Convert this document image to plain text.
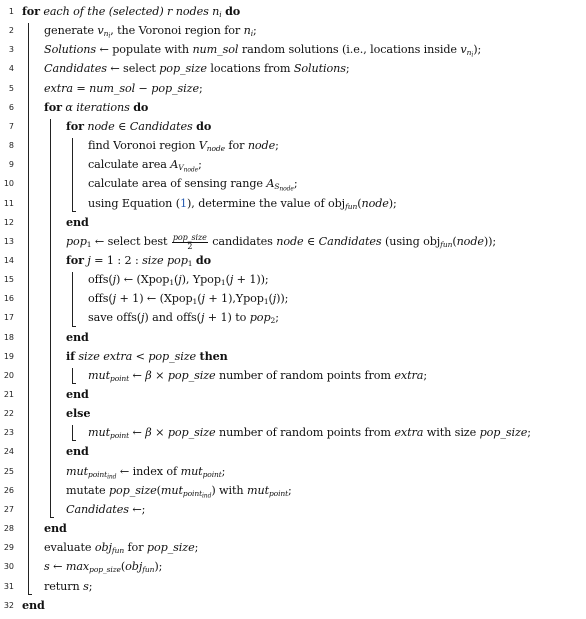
1 for each of the (selected) r nodes $n_i$ do
2	generate $v_{n_i}$, the Voronoi region for $n_i$;
3	Solutions ← populate with num_sol random solutions (i.e., locations inside $v_{n_i}$);
4	Candidates ← select pop_size locations from Solutions;
5	extra = num_sol − pop_size;
6	for α iterations do
7	for node ∈ Candidates do
8	find Voronoi region $V_{node}$ for node;
9	calculate area $A_{V_{node}}$;
10	calculate area of sensing range $A_{S_{node}}$;
11	using Equation (1), determine the value of obj$_{fun}$(node);
12	end
13	pop$_1$ ← select best $\frac{\text{pop\_size}}{2}$ candidates node ∈ Candidates (using obj$_{fun}$(node));
14	for j = 1 : 2 : size pop$_1$ do
15	offs(j) ← (Xpop$_1$(j), Ypop$_1$(j + 1));
16	offs(j + 1) ← (Xpop$_1$(j + 1),Ypop$_1$(j));
17	save offs(j) and offs(j + 1) to pop$_2$;
18	end
19	if size extra < pop_size then
20	mut$_{point}$ ← β × pop_size number of random points from extra;
21	end
22	else
23	mut$_{point}$ ← β × pop_size number of random points from extra with size pop_size;
24	end
25	mut$_{point_{ind}}$ ← index of mut$_{point}$;
26	mutate pop_size(mut$_{point_{ind}}$) with mut$_{point}$;
27	Candidates ←;
28	end
29	evaluate obj$_{fun}$ for pop_size;
30	s ← $\max_{pop\_size}(obj_{fun})$;
31	return s;
32 end
